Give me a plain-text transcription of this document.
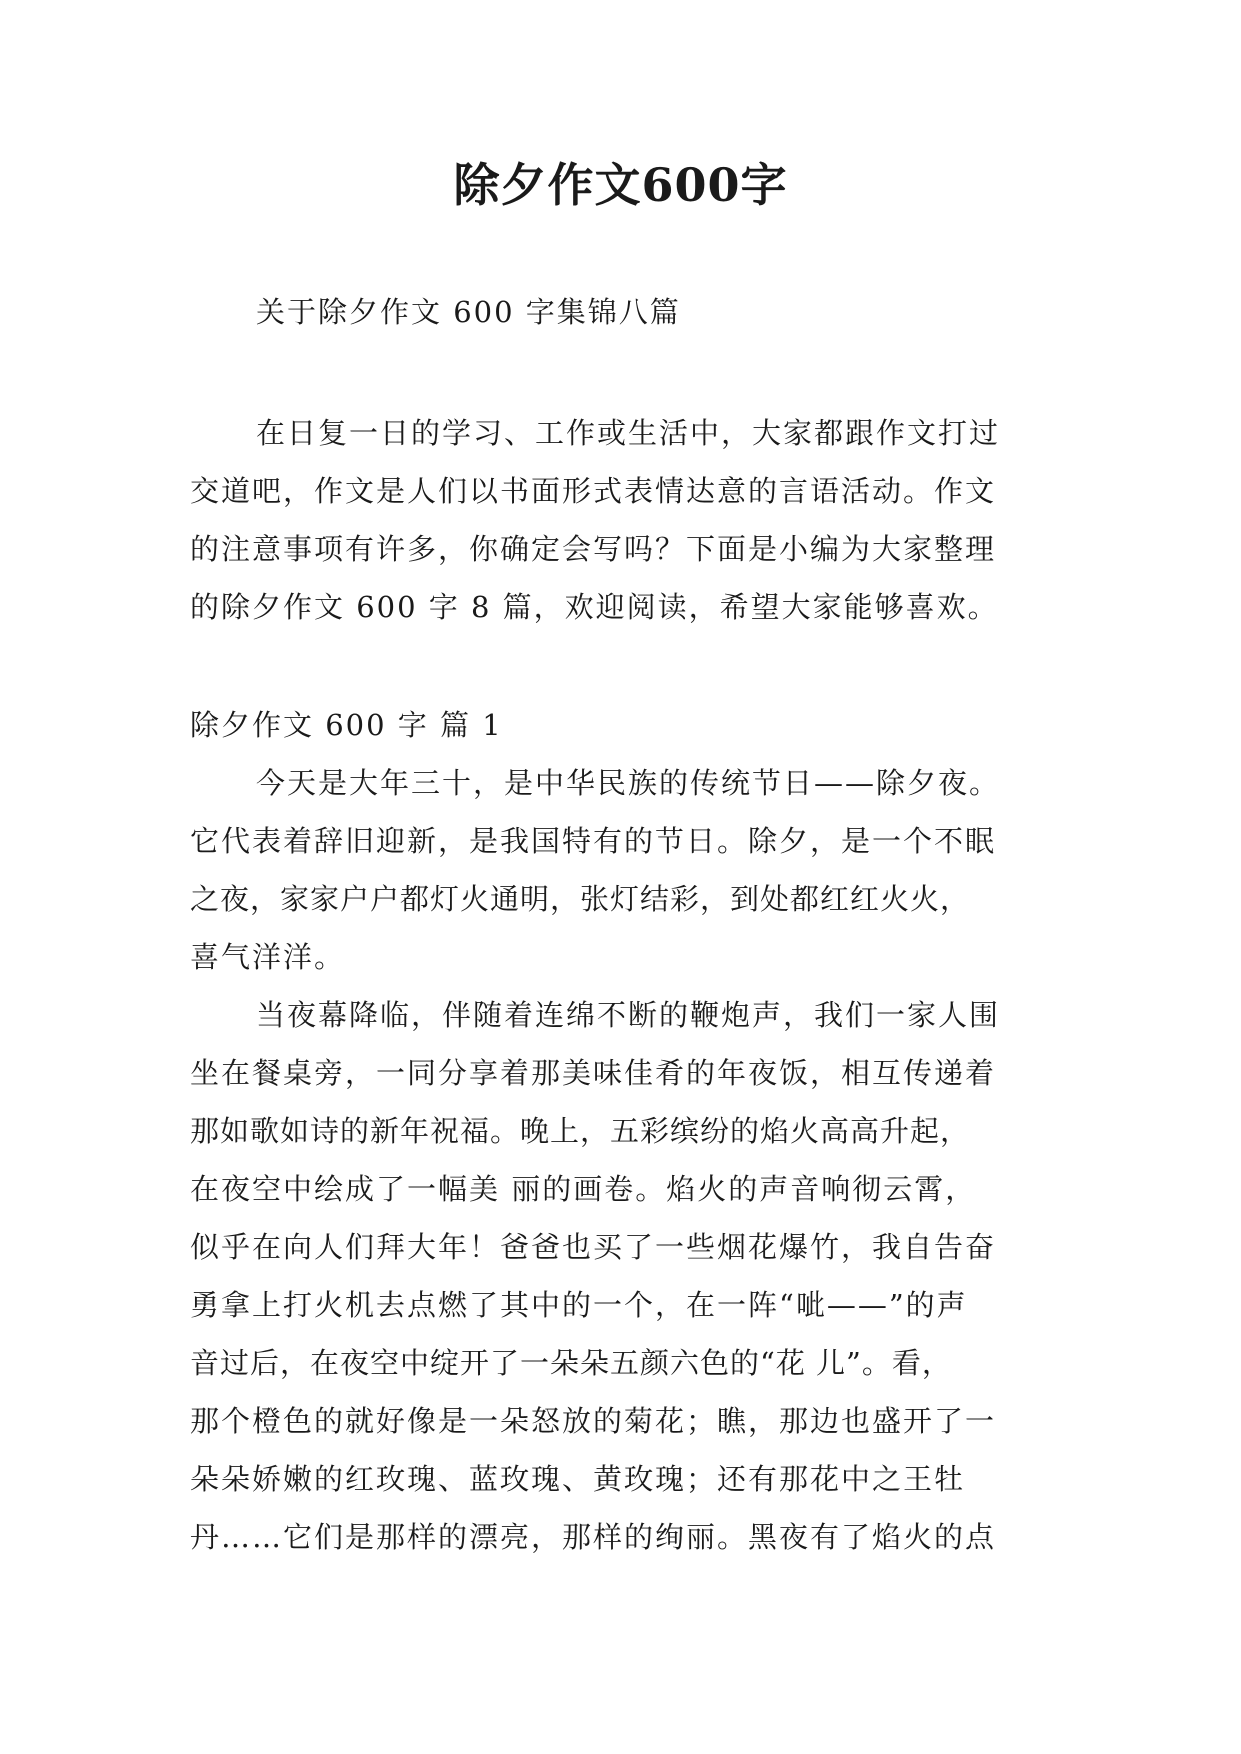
除夕作文600字

关于除夕作文 600 字集锦八篇

在日复一日的学习、工作或生活中，大家都跟作文打过
交道吧，作文是人们以书面形式表情达意的言语活动。作文
的注意事项有许多，你确定会写吗？下面是小编为大家整理
的除夕作文 600 字 8 篇，欢迎阅读，希望大家能够喜欢。

除夕作文 600 字 篇 1

今天是大年三十，是中华民族的传统节日——除夕夜。
它代表着辞旧迎新，是我国特有的节日。除夕，是一个不眠
之夜，家家户户都灯火通明，张灯结彩，到处都红红火火，
喜气洋洋。
当夜幕降临，伴随着连绵不断的鞭炮声，我们一家人围
坐在餐桌旁，一同分享着那美味佳肴的年夜饭，相互传递着
那如歌如诗的新年祝福。晚上，五彩缤纷的焰火高高升起，
在夜空中绘成了一幅美 丽的画卷。焰火的声音响彻云霄，
似乎在向人们拜大年！爸爸也买了一些烟花爆竹，我自告奋
勇拿上打火机去点燃了其中的一个，在一阵“呲——”的声
音过后，在夜空中绽开了一朵朵五颜六色的“花 儿”。看，
那个橙色的就好像是一朵怒放的菊花；瞧，那边也盛开了一
朵朵娇嫩的红玫瑰、蓝玫瑰、黄玫瑰；还有那花中之王牡
丹……它们是那样的漂亮，那样的绚丽。黑夜有了焰火的点
